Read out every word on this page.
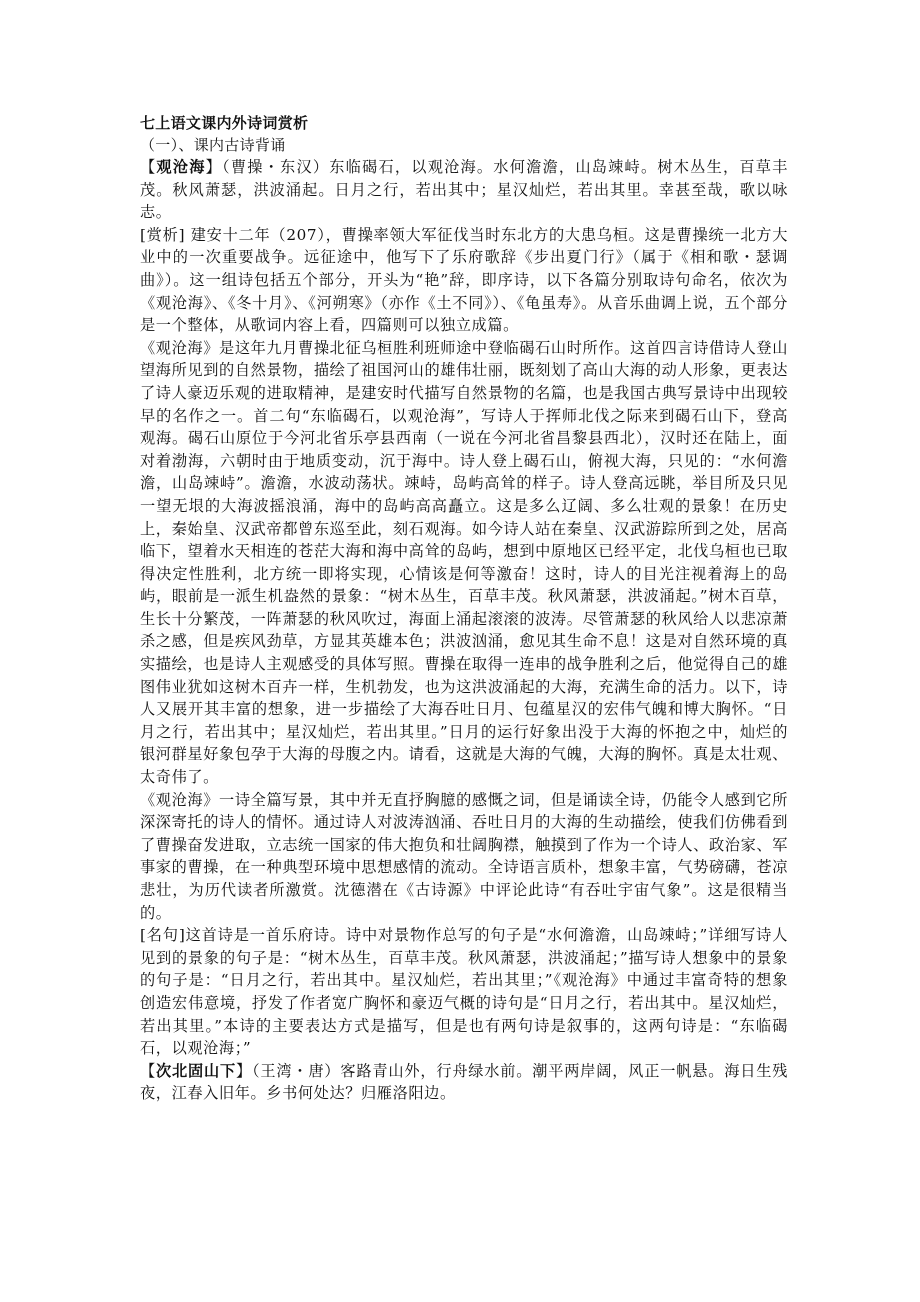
七上语文课内外诗词赏析

（一）、课内古诗背诵

【观沧海】（曹操・东汉）东临碣石，以观沧海。水何澹澹，山岛竦峙。树木丛生，百草丰茂。秋风萧瑟，洪波涌起。日月之行，若出其中；星汉灿烂，若出其里。幸甚至哉，歌以咏志。

[赏析] 建安十二年（207），曹操率领大军征伐当时东北方的大患乌桓。这是曹操统一北方大业中的一次重要战争。远征途中，他写下了乐府歌辞《步出夏门行》（属于《相和歌・瑟调曲》）。这一组诗包括五个部分，开头为“艳”辞，即序诗，以下各篇分别取诗句命名，依次为《观沧海》、《冬十月》、《河朔寒》（亦作《土不同》）、《龟虽寿》。从音乐曲调上说，五个部分是一个整体，从歌词内容上看，四篇则可以独立成篇。

《观沧海》是这年九月曹操北征乌桓胜利班师途中登临碣石山时所作。这首四言诗借诗人登山望海所见到的自然景物，描绘了祖国河山的雄伟壮丽，既刻划了高山大海的动人形象，更表达了诗人豪迈乐观的进取精神，是建安时代描写自然景物的名篇，也是我国古典写景诗中出现较早的名作之一。首二句“东临碣石，以观沧海”，写诗人于挥师北伐之际来到碣石山下，登高观海。碣石山原位于今河北省乐亭县西南（一说在今河北省昌黎县西北），汉时还在陆上，面对着渤海，六朝时由于地质变动，沉于海中。诗人登上碣石山，俯视大海，只见的：“水何澹澹，山岛竦峙”。澹澹，水波动荡状。竦峙，岛屿高耸的样子。诗人登高远眺，举目所及只见一望无垠的大海波摇浪涌，海中的岛屿高高矗立。这是多么辽阔、多么壮观的景象！在历史上，秦始皇、汉武帝都曾东巡至此，刻石观海。如今诗人站在秦皇、汉武游踪所到之处，居高临下，望着水天相连的苍茫大海和海中高耸的岛屿，想到中原地区已经平定，北伐乌桓也已取得决定性胜利，北方统一即将实现，心情该是何等激奋！这时，诗人的目光注视着海上的岛屿，眼前是一派生机盎然的景象：“树木丛生，百草丰茂。秋风萧瑟，洪波涌起。”树木百草，生长十分繁茂，一阵萧瑟的秋风吹过，海面上涌起滚滚的波涛。尽管萧瑟的秋风给人以悲凉萧杀之感，但是疾风劲草，方显其英雄本色；洪波汹涌，愈见其生命不息！这是对自然环境的真实描绘，也是诗人主观感受的具体写照。曹操在取得一连串的战争胜利之后，他觉得自己的雄图伟业犹如这树木百卉一样，生机勃发，也为这洪波涌起的大海，充满生命的活力。以下，诗人又展开其丰富的想象，进一步描绘了大海吞吐日月、包蕴星汉的宏伟气魄和博大胸怀。“日月之行，若出其中；星汉灿烂，若出其里。”日月的运行好象出没于大海的怀抱之中，灿烂的银河群星好象包孕于大海的母腹之内。请看，这就是大海的气魄，大海的胸怀。真是太壮观、太奇伟了。

《观沧海》一诗全篇写景，其中并无直抒胸臆的感慨之词，但是诵读全诗，仍能令人感到它所深深寄托的诗人的情怀。通过诗人对波涛汹涌、吞吐日月的大海的生动描绘，使我们仿佛看到了曹操奋发进取，立志统一国家的伟大抱负和壮阔胸襟，触摸到了作为一个诗人、政治家、军事家的曹操，在一种典型环境中思想感情的流动。全诗语言质朴，想象丰富，气势磅礴，苍凉悲壮，为历代读者所激赏。沈德潜在《古诗源》中评论此诗“有吞吐宇宙气象”。这是很精当的。

[名句]这首诗是一首乐府诗。诗中对景物作总写的句子是“水何澹澹，山岛竦峙；”详细写诗人见到的景象的句子是：“树木丛生，百草丰茂。秋风萧瑟，洪波涌起；”描写诗人想象中的景象的句子是：“日月之行，若出其中。星汉灿烂，若出其里；”《观沧海》中通过丰富奇特的想象创造宏伟意境，抒发了作者宽广胸怀和豪迈气概的诗句是“日月之行，若出其中。星汉灿烂，若出其里。”本诗的主要表达方式是描写，但是也有两句诗是叙事的，这两句诗是：“东临碣石，以观沧海；”

【次北固山下】（王湾・唐）客路青山外，行舟绿水前。潮平两岸阔，风正一帆悬。海日生残夜，江春入旧年。乡书何处达？归雁洛阳边。
